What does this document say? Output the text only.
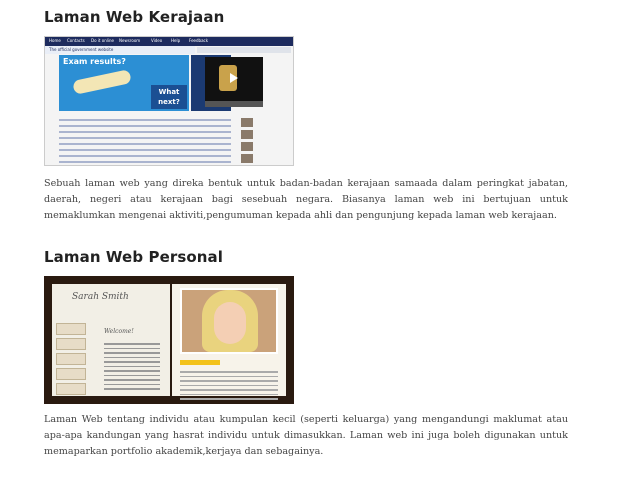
Laman Web Kerajaan
Home Contacts Do it online Newsroom	Video Help Feedback
The official government website
Exam results?
What next?

Sebuah laman web yang direka bentuk untuk badan-badan kerajaan samaada dalam peringkat jabatan, daerah, negeri atau kerajaan bagi sesebuah negara. Biasanya laman web ini bertujuan untuk memaklumkan mengenai aktiviti,pengumuman kepada ahli dan pengunjung kepada laman web kerajaan.

Laman Web Personal
Sarah Smith
Welcome!

Laman Web tentang individu atau kumpulan kecil (seperti keluarga) yang mengandungi maklumat atau apa-apa kandungan yang hasrat individu untuk dimasukkan. Laman web ini juga boleh digunakan untuk memaparkan portfolio akademik,kerjaya dan sebagainya.
